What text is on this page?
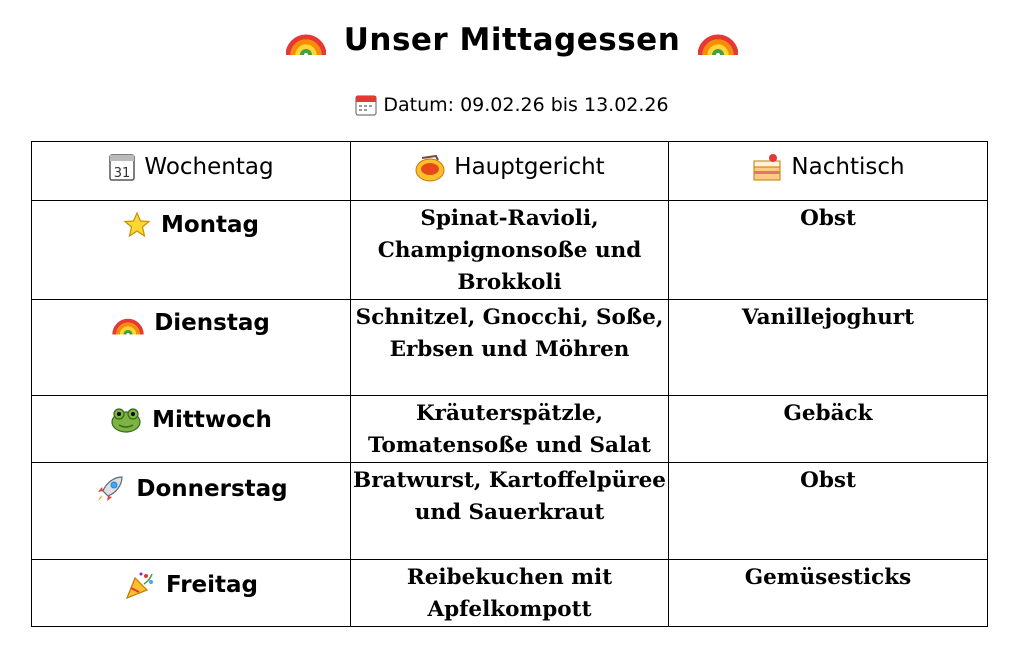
Unser Mittagessen
Datum: 09.02.26 bis 13.02.26
31 Wochentag	Hauptgericht	Nachtisch

Montag	Spinat-Ravioli, Champignonsoße und Brokkoli	Obst

Dienstag	Schnitzel, Gnocchi, Soße, Erbsen und Möhren	Vanillejoghurt

Mittwoch	Kräuterspätzle, Tomatensoße und Salat	Gebäck

Donnerstag	Bratwurst, Kartoffelpüree und Sauerkraut	Obst

Freitag	Reibekuchen mit Apfelkompott	Gemüsesticks
